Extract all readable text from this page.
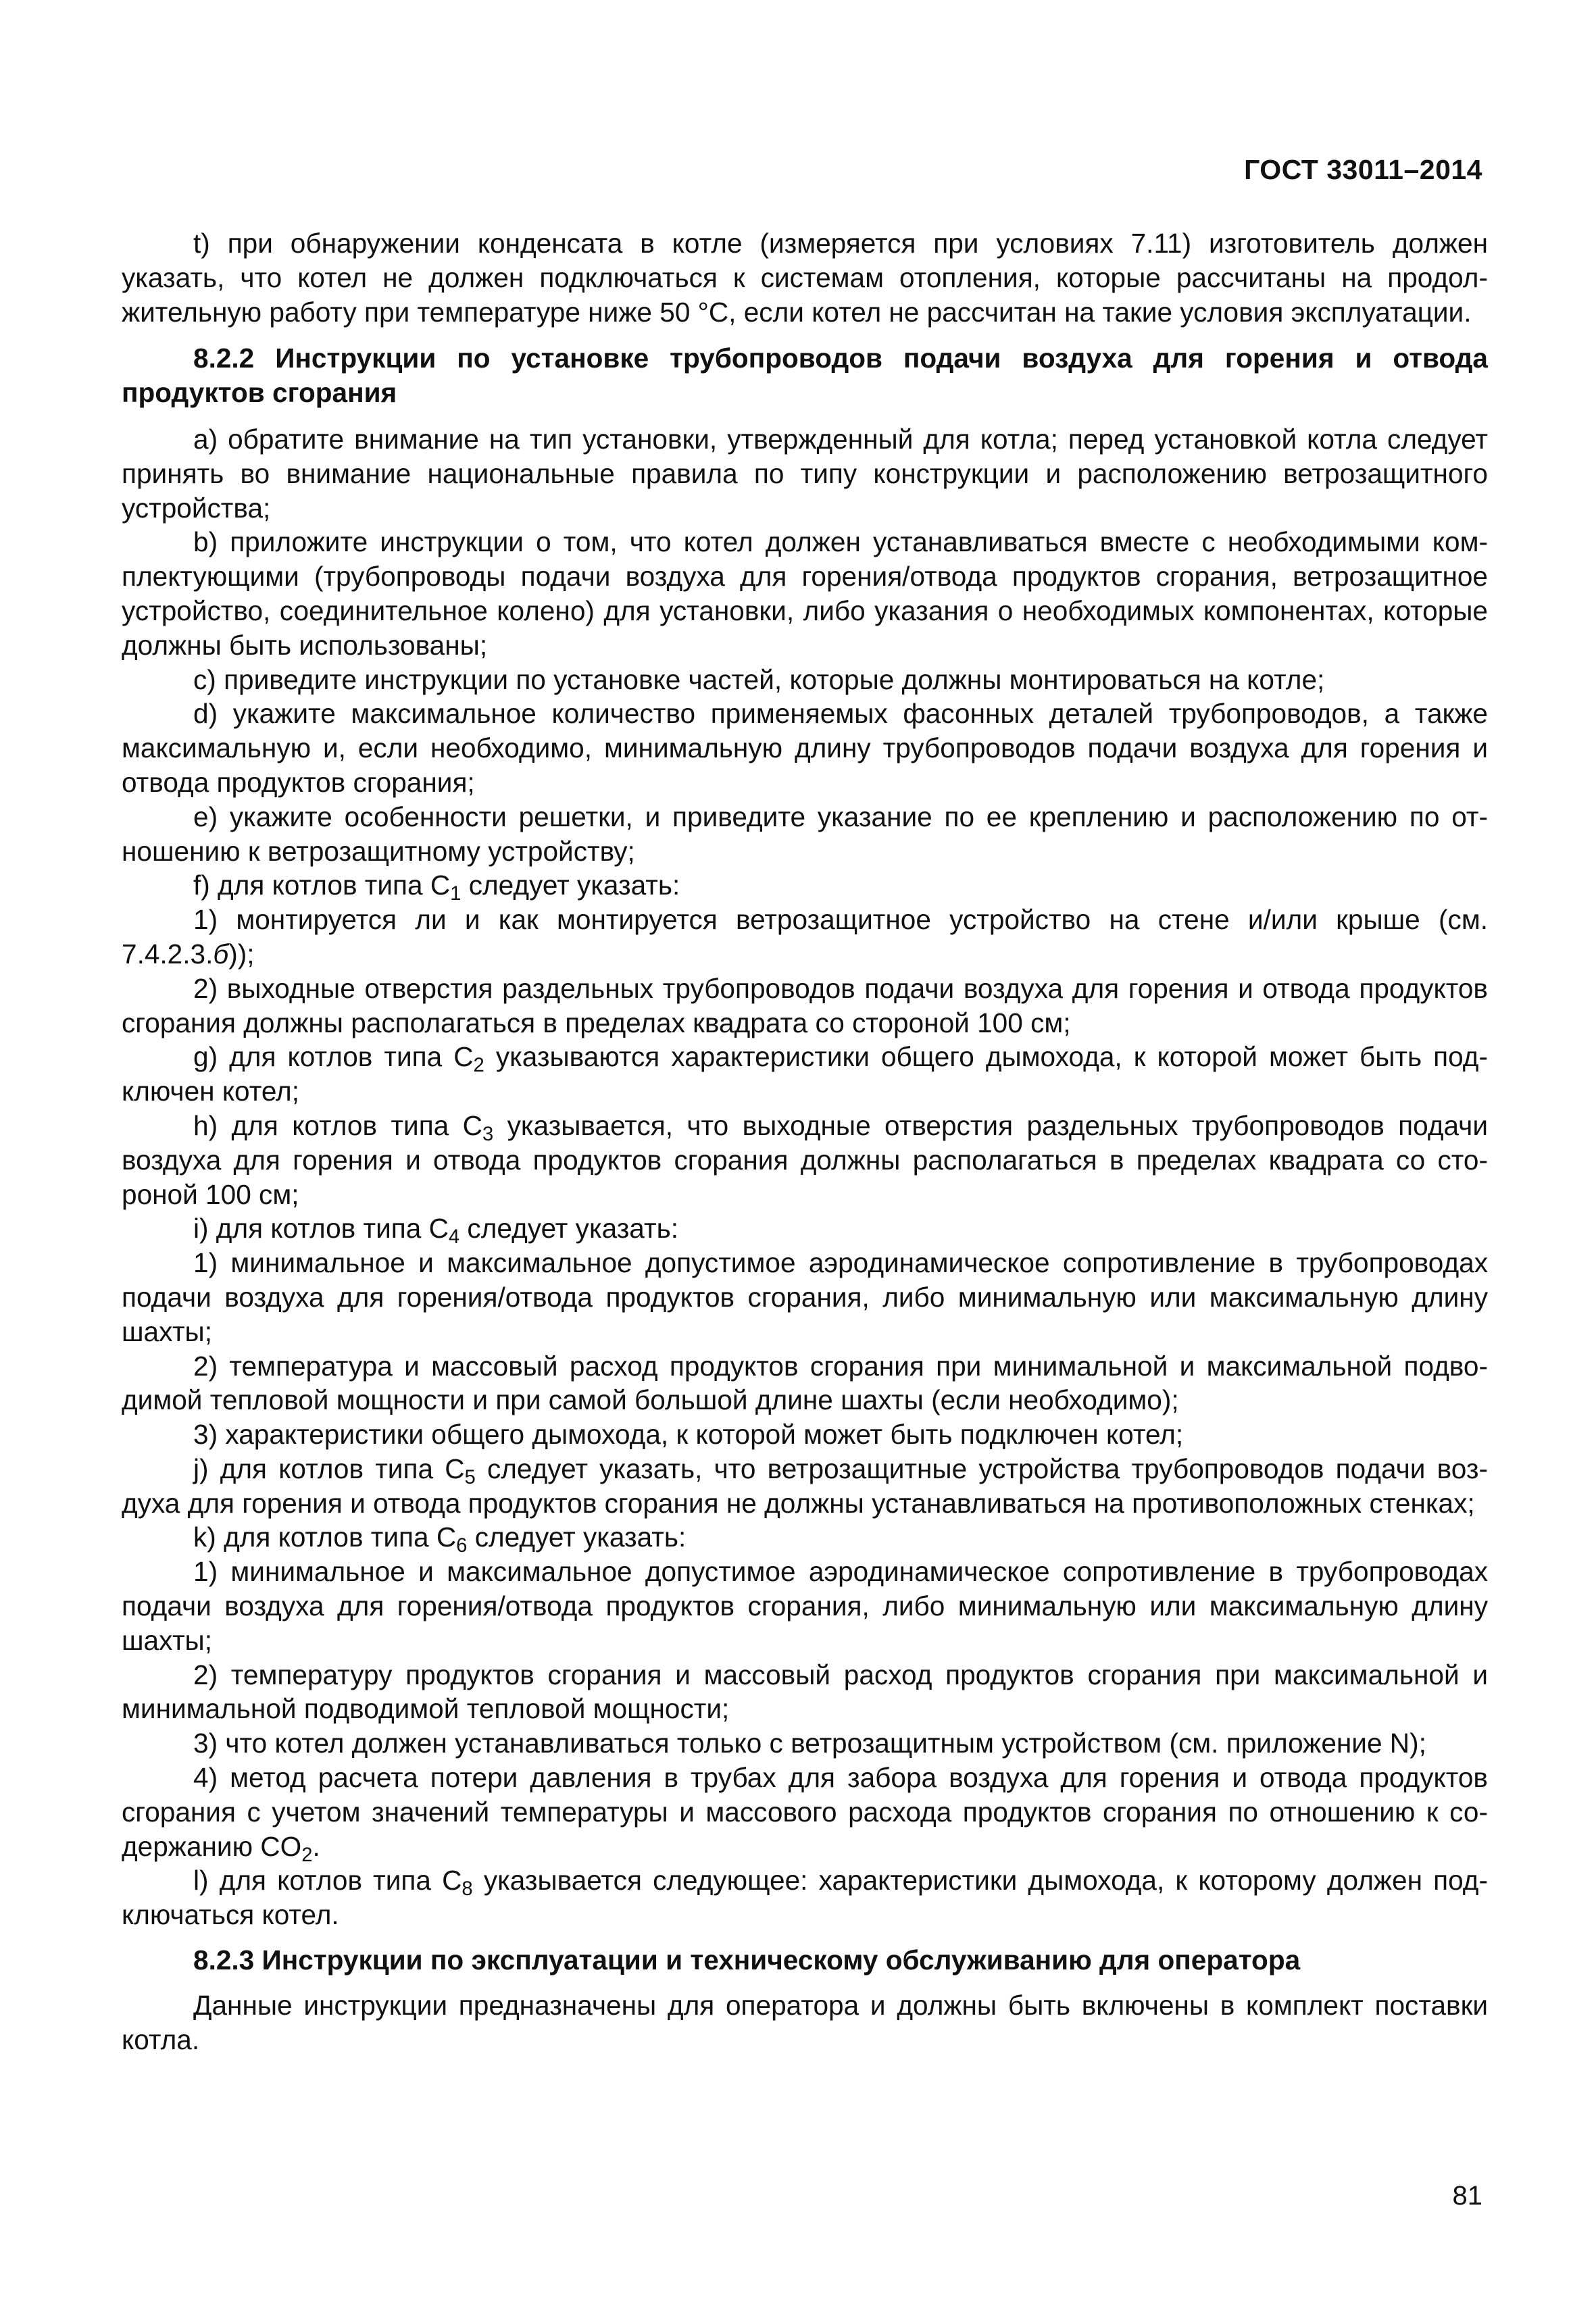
ГОСТ 33011–2014

t) при обнаружении конденсата в котле (измеряется при условиях 7.11) изготовитель должен указать, что котел не должен подключаться к системам отопления, которые рассчитаны на продолжительную работу при температуре ниже 50 °С, если котел не рассчитан на такие условия эксплуатации.

8.2.2 Инструкции по установке трубопроводов подачи воздуха для горения и отвода продуктов сгорания

a) обратите внимание на тип установки, утвержденный для котла; перед установкой котла следует принять во внимание национальные правила по типу конструкции и расположению ветрозащитного устройства;

b) приложите инструкции о том, что котел должен устанавливаться вместе с необходимыми комплектующими (трубопроводы подачи воздуха для горения/отвода продуктов сгорания, ветрозащитное устройство, соединительное колено) для установки, либо указания о необходимых компонентах, которые должны быть использованы;

c) приведите инструкции по установке частей, которые должны монтироваться на котле;

d) укажите максимальное количество применяемых фасонных деталей трубопроводов, а также максимальную и, если необходимо, минимальную длину трубопроводов подачи воздуха для горения и отвода продуктов сгорания;

e) укажите особенности решетки, и приведите указание по ее креплению и расположению по отношению к ветрозащитному устройству;

f) для котлов типа $C_1$ следует указать:

1) монтируется ли и как монтируется ветрозащитное устройство на стене и/или крыше (см. 7.4.2.3.б));

2) выходные отверстия раздельных трубопроводов подачи воздуха для горения и отвода продуктов сгорания должны располагаться в пределах квадрата со стороной 100 см;

g) для котлов типа $C_2$ указываются характеристики общего дымохода, к которой может быть подключен котел;

h) для котлов типа $C_3$ указывается, что выходные отверстия раздельных трубопроводов подачи воздуха для горения и отвода продуктов сгорания должны располагаться в пределах квадрата со стороной 100 см;

i) для котлов типа $C_4$ следует указать:

1) минимальное и максимальное допустимое аэродинамическое сопротивление в трубопроводах подачи воздуха для горения/отвода продуктов сгорания, либо минимальную или максимальную длину шахты;

2) температура и массовый расход продуктов сгорания при минимальной и максимальной подводимой тепловой мощности и при самой большой длине шахты (если необходимо);

3) характеристики общего дымохода, к которой может быть подключен котел;

j) для котлов типа $C_5$ следует указать, что ветрозащитные устройства трубопроводов подачи воздуха для горения и отвода продуктов сгорания не должны устанавливаться на противоположных стенках;

k) для котлов типа $C_6$ следует указать:

1) минимальное и максимальное допустимое аэродинамическое сопротивление в трубопроводах подачи воздуха для горения/отвода продуктов сгорания, либо минимальную или максимальную длину шахты;

2) температуру продуктов сгорания и массовый расход продуктов сгорания при максимальной и минимальной подводимой тепловой мощности;

3) что котел должен устанавливаться только с ветрозащитным устройством (см. приложение N);

4) метод расчета потери давления в трубах для забора воздуха для горения и отвода продуктов сгорания с учетом значений температуры и массового расхода продуктов сгорания по отношению к содержанию $CO_2$.

l) для котлов типа $C_8$ указывается следующее: характеристики дымохода, к которому должен подключаться котел.

8.2.3 Инструкции по эксплуатации и техническому обслуживанию для оператора

Данные инструкции предназначены для оператора и должны быть включены в комплект поставки котла.

81
